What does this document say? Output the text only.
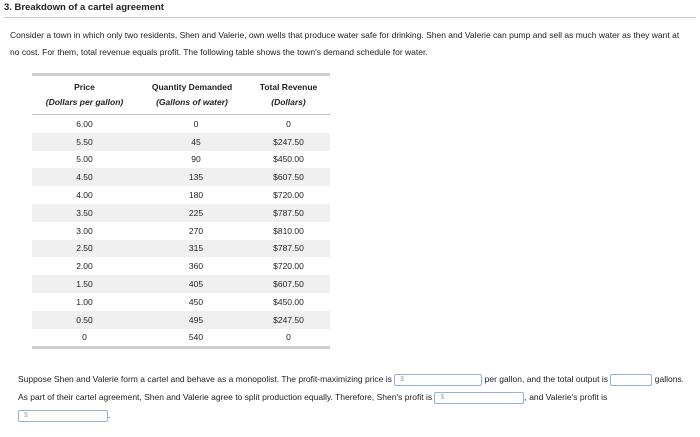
3. Breakdown of a cartel agreement
Consider a town in which only two residents, Shen and Valerie, own wells that produce water safe for drinking. Shen and Valerie can pump and sell as much water as they want at no cost. For them, total revenue equals profit. The following table shows the town's demand schedule for water.
Price
(Dollars per gallon)
Quantity Demanded
(Gallons of water)
Total Revenue
(Dollars)
6.00	0	0
5.50	45	$247.50
5.00	90	$450.00
4.50	135	$607.50
4.00	180	$720.00
3.50	225	$787.50
3.00	270	$810.00
2.50	315	$787.50
2.00	360	$720.00
1.50	405	$607.50
1.00	450	$450.00
0.50	495	$247.50
0	540	0
Suppose Shen and Valerie form a cartel and behave as a monopolist. The profit-maximizing price is $	per gallon, and the total output is	gallons. As part of their cartel agreement, Shen and Valerie agree to split production equally. Therefore, Shen's profit is $	, and Valerie's profit is
$	.
